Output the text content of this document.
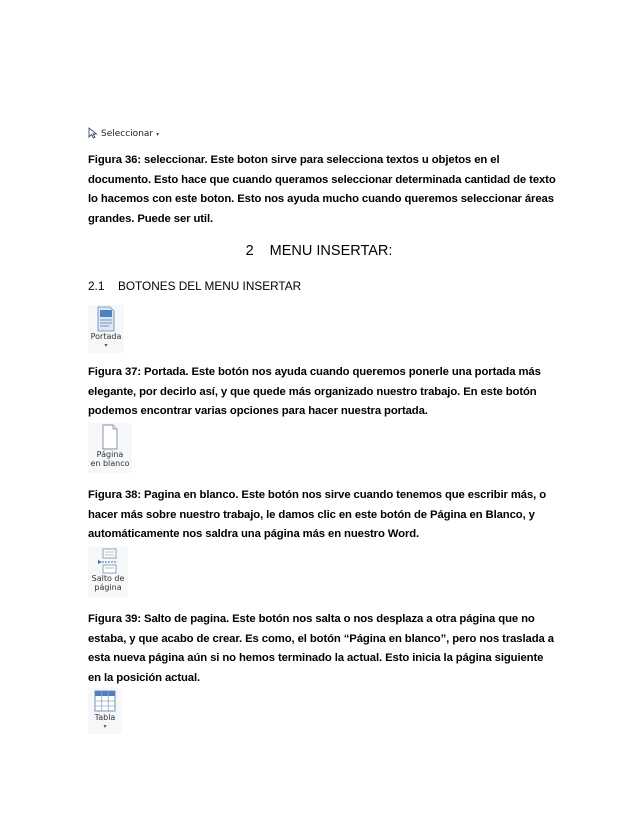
Seleccionar ▾
Figura 36: seleccionar. Este boton sirve para selecciona textos u objetos en el documento. Esto hace que cuando queramos seleccionar determinada cantidad de texto lo hacemos con este boton. Esto nos ayuda mucho cuando queremos seleccionar áreas grandes. Puede ser util.
2 MENU INSERTAR:
2.1 BOTONES DEL MENU INSERTAR
Portada
▾
Figura 37: Portada. Este botón nos ayuda cuando queremos ponerle una portada más elegante, por decirlo así, y que quede más organizado nuestro trabajo. En este botón podemos encontrar varias opciones para hacer nuestra portada.
Página
en blanco
Figura 38: Pagina en blanco. Este botón nos sirve cuando tenemos que escribir más, o hacer más sobre nuestro trabajo, le damos clic en este botón de Página en Blanco, y automáticamente nos saldra una página más en nuestro Word.
Salto de
página
Figura 39: Salto de pagina. Este botón nos salta o nos desplaza a otra página que no estaba, y que acabo de crear. Es como, el botón “Página en blanco”, pero nos traslada a esta nueva página aún si no hemos terminado la actual. Esto inicia la página siguiente en la posición actual.
Tabla
▾
